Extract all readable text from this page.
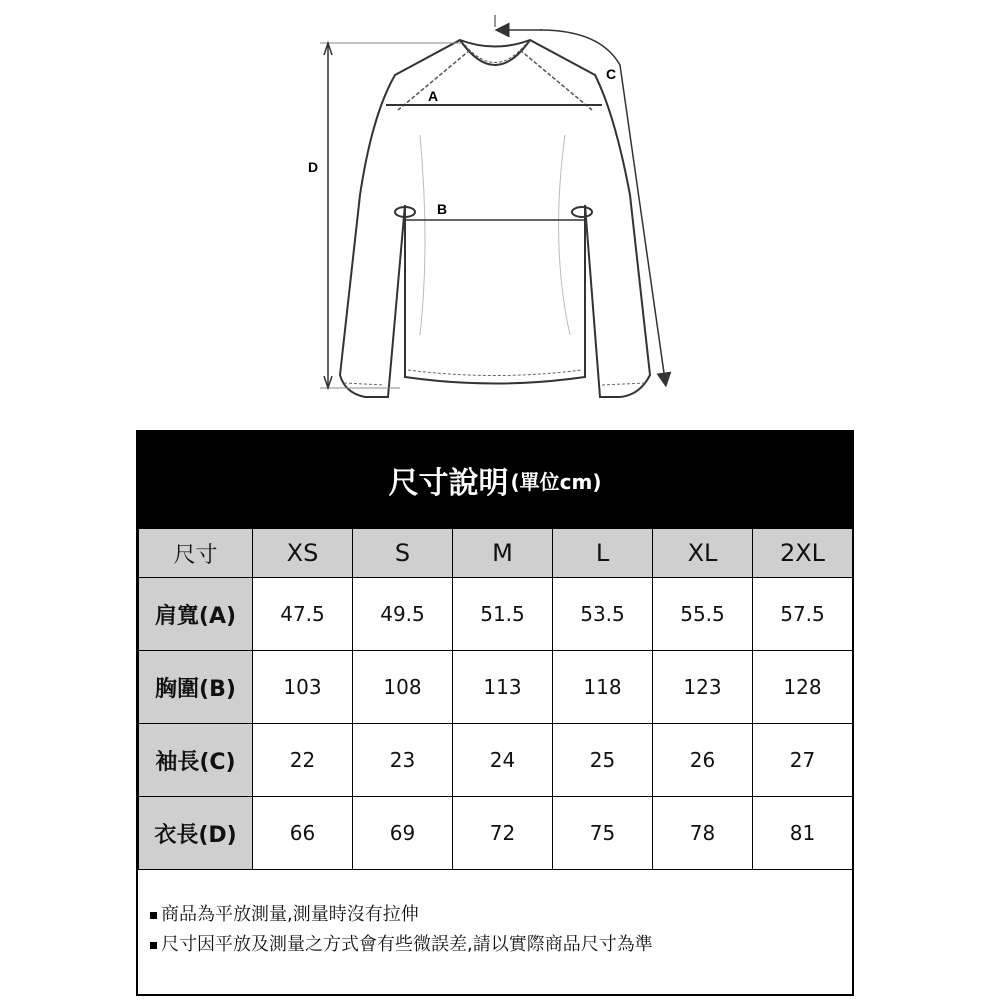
A
B
C
D
尺寸說明 (單位cm)
尺寸	XS	S	M	L	XL	2XL
肩寬(A)	47.5	49.5	51.5	53.5	55.5	57.5
胸圍(B)	103	108	113	118	123	128
袖長(C)	22	23	24	25	26	27
衣長(D)	66	69	72	75	78	81
商品為平放測量,測量時沒有拉伸
尺寸因平放及測量之方式會有些微誤差,請以實際商品尺寸為準
